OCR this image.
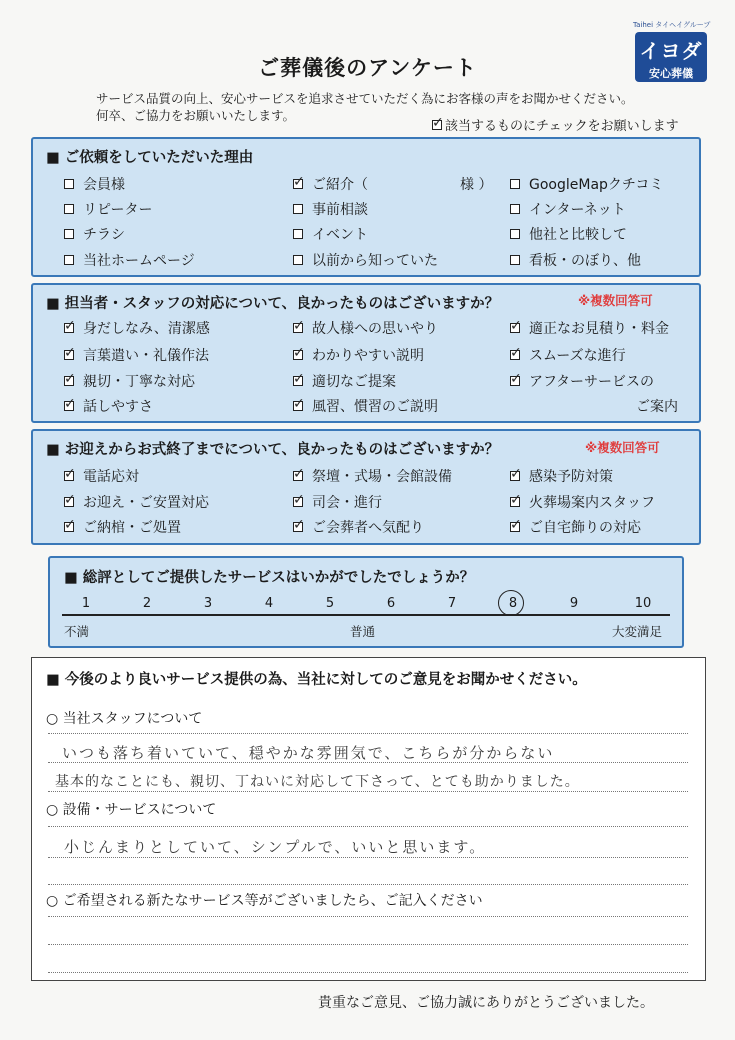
Taihei タイヘイグループ
イヨダ
安心葬儀
ご葬儀後のアンケート
サービス品質の向上、安心サービスを追求させていただく為にお客様の声をお聞かせください。
何卒、ご協力をお願いいたします。
✓該当するものにチェックをお願いします
■ ご依頼をしていただいた理由
会員様
リピーター
チラシ
当社ホームページ
✓
ご紹介（	様 ）
事前相談
イベント
以前から知っていた
GoogleMapクチコミ
インターネット
他社と比較して
看板・のぼり、他
■ 担当者・スタッフの対応について、良かったものはございますか？	※複数回答可
✓
身だしなみ、清潔感
✓
言葉遣い・礼儀作法
✓
親切・丁寧な対応
✓
話しやすさ
✓
故人様への思いやり
✓
わかりやすい説明
✓
適切なご提案
✓
風習、慣習のご説明
✓
適正なお見積り・料金
✓
スムーズな進行
✓
アフターサービスの
ご案内
■ お迎えからお式終了までについて、良かったものはございますか？	※複数回答可
✓
電話応対
✓
お迎え・ご安置対応
✓
ご納棺・ご処置
✓
祭壇・式場・会館設備
✓
司会・進行
✓
ご会葬者へ気配り
✓
感染予防対策
✓
火葬場案内スタッフ
✓
ご自宅飾りの対応
■ 総評としてご提供したサービスはいかがでしたでしょうか？
1	2	3	4	5	6	7	8	9	10
不満	普通	大変満足
■ 今後のより良いサービス提供の為、当社に対してのご意見をお聞かせください。
○ 当社スタッフについて
いつも落ち着いていて、穏やかな雰囲気で、こちらが分からない
基本的なことにも、親切、丁ねいに対応して下さって、とても助かりました。
○ 設備・サービスについて
小じんまりとしていて、シンプルで、いいと思います。
○ ご希望される新たなサービス等がございましたら、ご記入ください
貴重なご意見、ご協力誠にありがとうございました。
